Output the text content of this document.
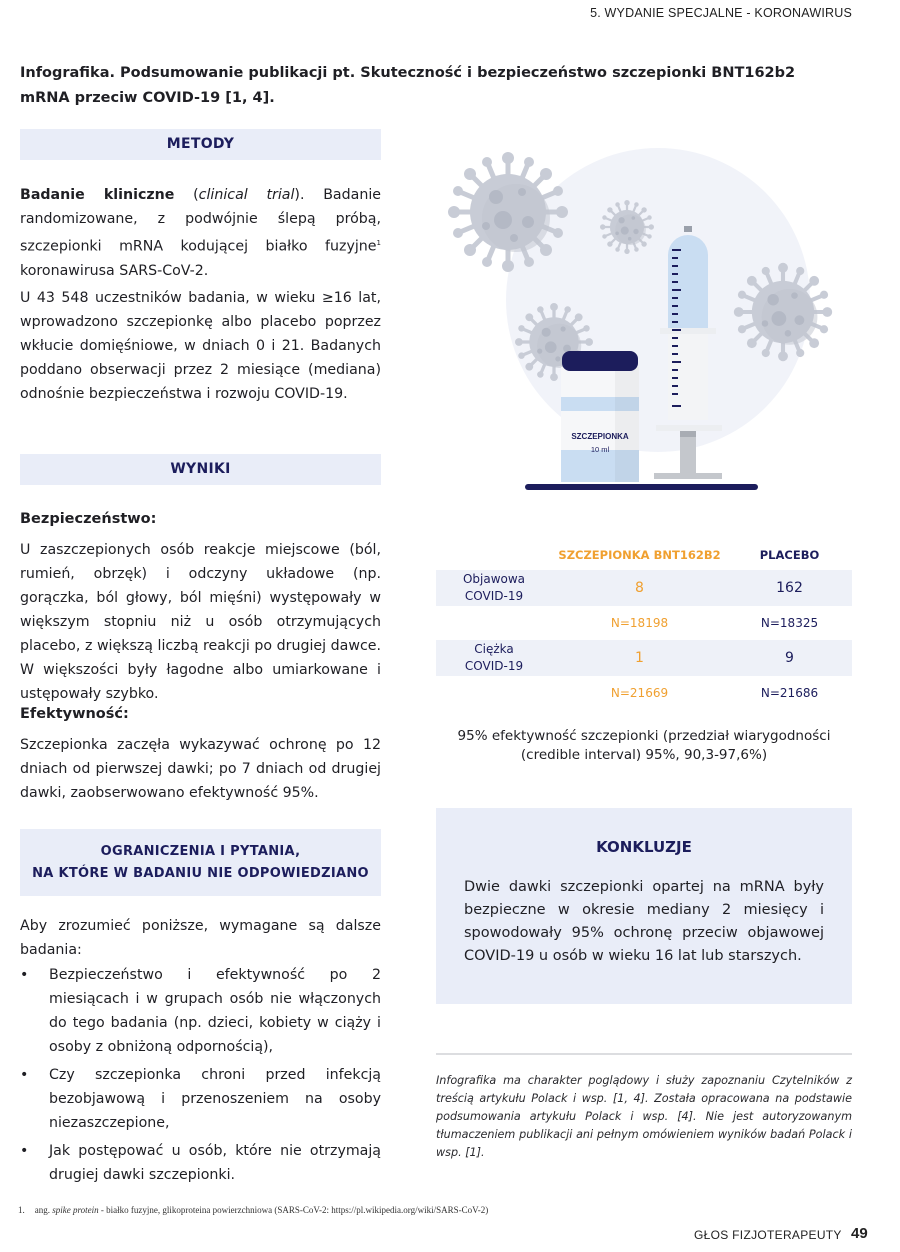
5. WYDANIE SPECJALNE - KORONAWIRUS
Infografika. Podsumowanie publikacji pt. Skuteczność i bezpieczeństwo szczepionki BNT162b2 mRNA przeciw COVID-19 [1, 4].
METODY
Badanie kliniczne (clinical trial). Badanie randomizowane, z podwójnie ślepą próbą, szczepionki mRNA kodującej białko fuzyjne$^1$ koronawirusa SARS-CoV-2.
U 43 548 uczestników badania, w wieku ≥16 lat, wprowadzono szczepionkę albo placebo poprzez wkłucie domięśniowe, w dniach 0 i 21. Badanych poddano obserwacji przez 2 miesiące (mediana) odnośnie bezpieczeństwa i rozwoju COVID-19.
WYNIKI
Bezpieczeństwo:
U zaszczepionych osób reakcje miejscowe (ból, rumień, obrzęk) i odczyny układowe (np. gorączka, ból głowy, ból mięśni) występowały w większym stopniu niż u osób otrzymujących placebo, z większą liczbą reakcji po drugiej dawce. W większości były łagodne albo umiarkowane i ustępowały szybko.
Efektywność:
Szczepionka zaczęła wykazywać ochronę po 12 dniach od pierwszej dawki; po 7 dniach od drugiej dawki, zaobserwowano efektywność 95%.
OGRANICZENIA I PYTANIA,
NA KTÓRE W BADANIU NIE ODPOWIEDZIANO
Aby zrozumieć poniższe, wymagane są dalsze badania:
• Bezpieczeństwo i efektywność po 2 miesiącach i w grupach osób nie włączonych do tego badania (np. dzieci, kobiety w ciąży i osoby z obniżoną odpornością),
• Czy szczepionka chroni przed infekcją bezobjawową i przenoszeniem na osoby niezaszczepione,
• Jak postępować u osób, które nie otrzymają drugiej dawki szczepionki.
SZCZEPIONKA
10 ml
SZCZEPIONKA BNT162B2	PLACEBO
Objawowa
COVID-19	8	162
N=18198	N=18325
Ciężka
COVID-19	1	9
N=21669	N=21686
95% efektywność szczepionki (przedział wiarygodności
(credible interval) 95%, 90,3-97,6%)
KONKLUZJE
Dwie dawki szczepionki opartej na mRNA były bezpieczne w okresie mediany 2 miesięcy i spowodowały 95% ochronę przeciw objawowej COVID-19 u osób w wieku 16 lat lub starszych.
Infografika ma charakter poglądowy i służy zapoznaniu Czytelników z treścią artykułu Polack i wsp. [1, 4]. Została opracowana na podstawie podsumowania artykułu Polack i wsp. [4]. Nie jest autoryzowanym tłumaczeniem publikacji ani pełnym omówieniem wyników badań Polack i wsp. [1].
1. ang. spike protein - białko fuzyjne, glikoproteina powierzchniowa (SARS-CoV-2: https://pl.wikipedia.org/wiki/SARS-CoV-2)
GŁOS FIZJOTERAPEUTY 49
